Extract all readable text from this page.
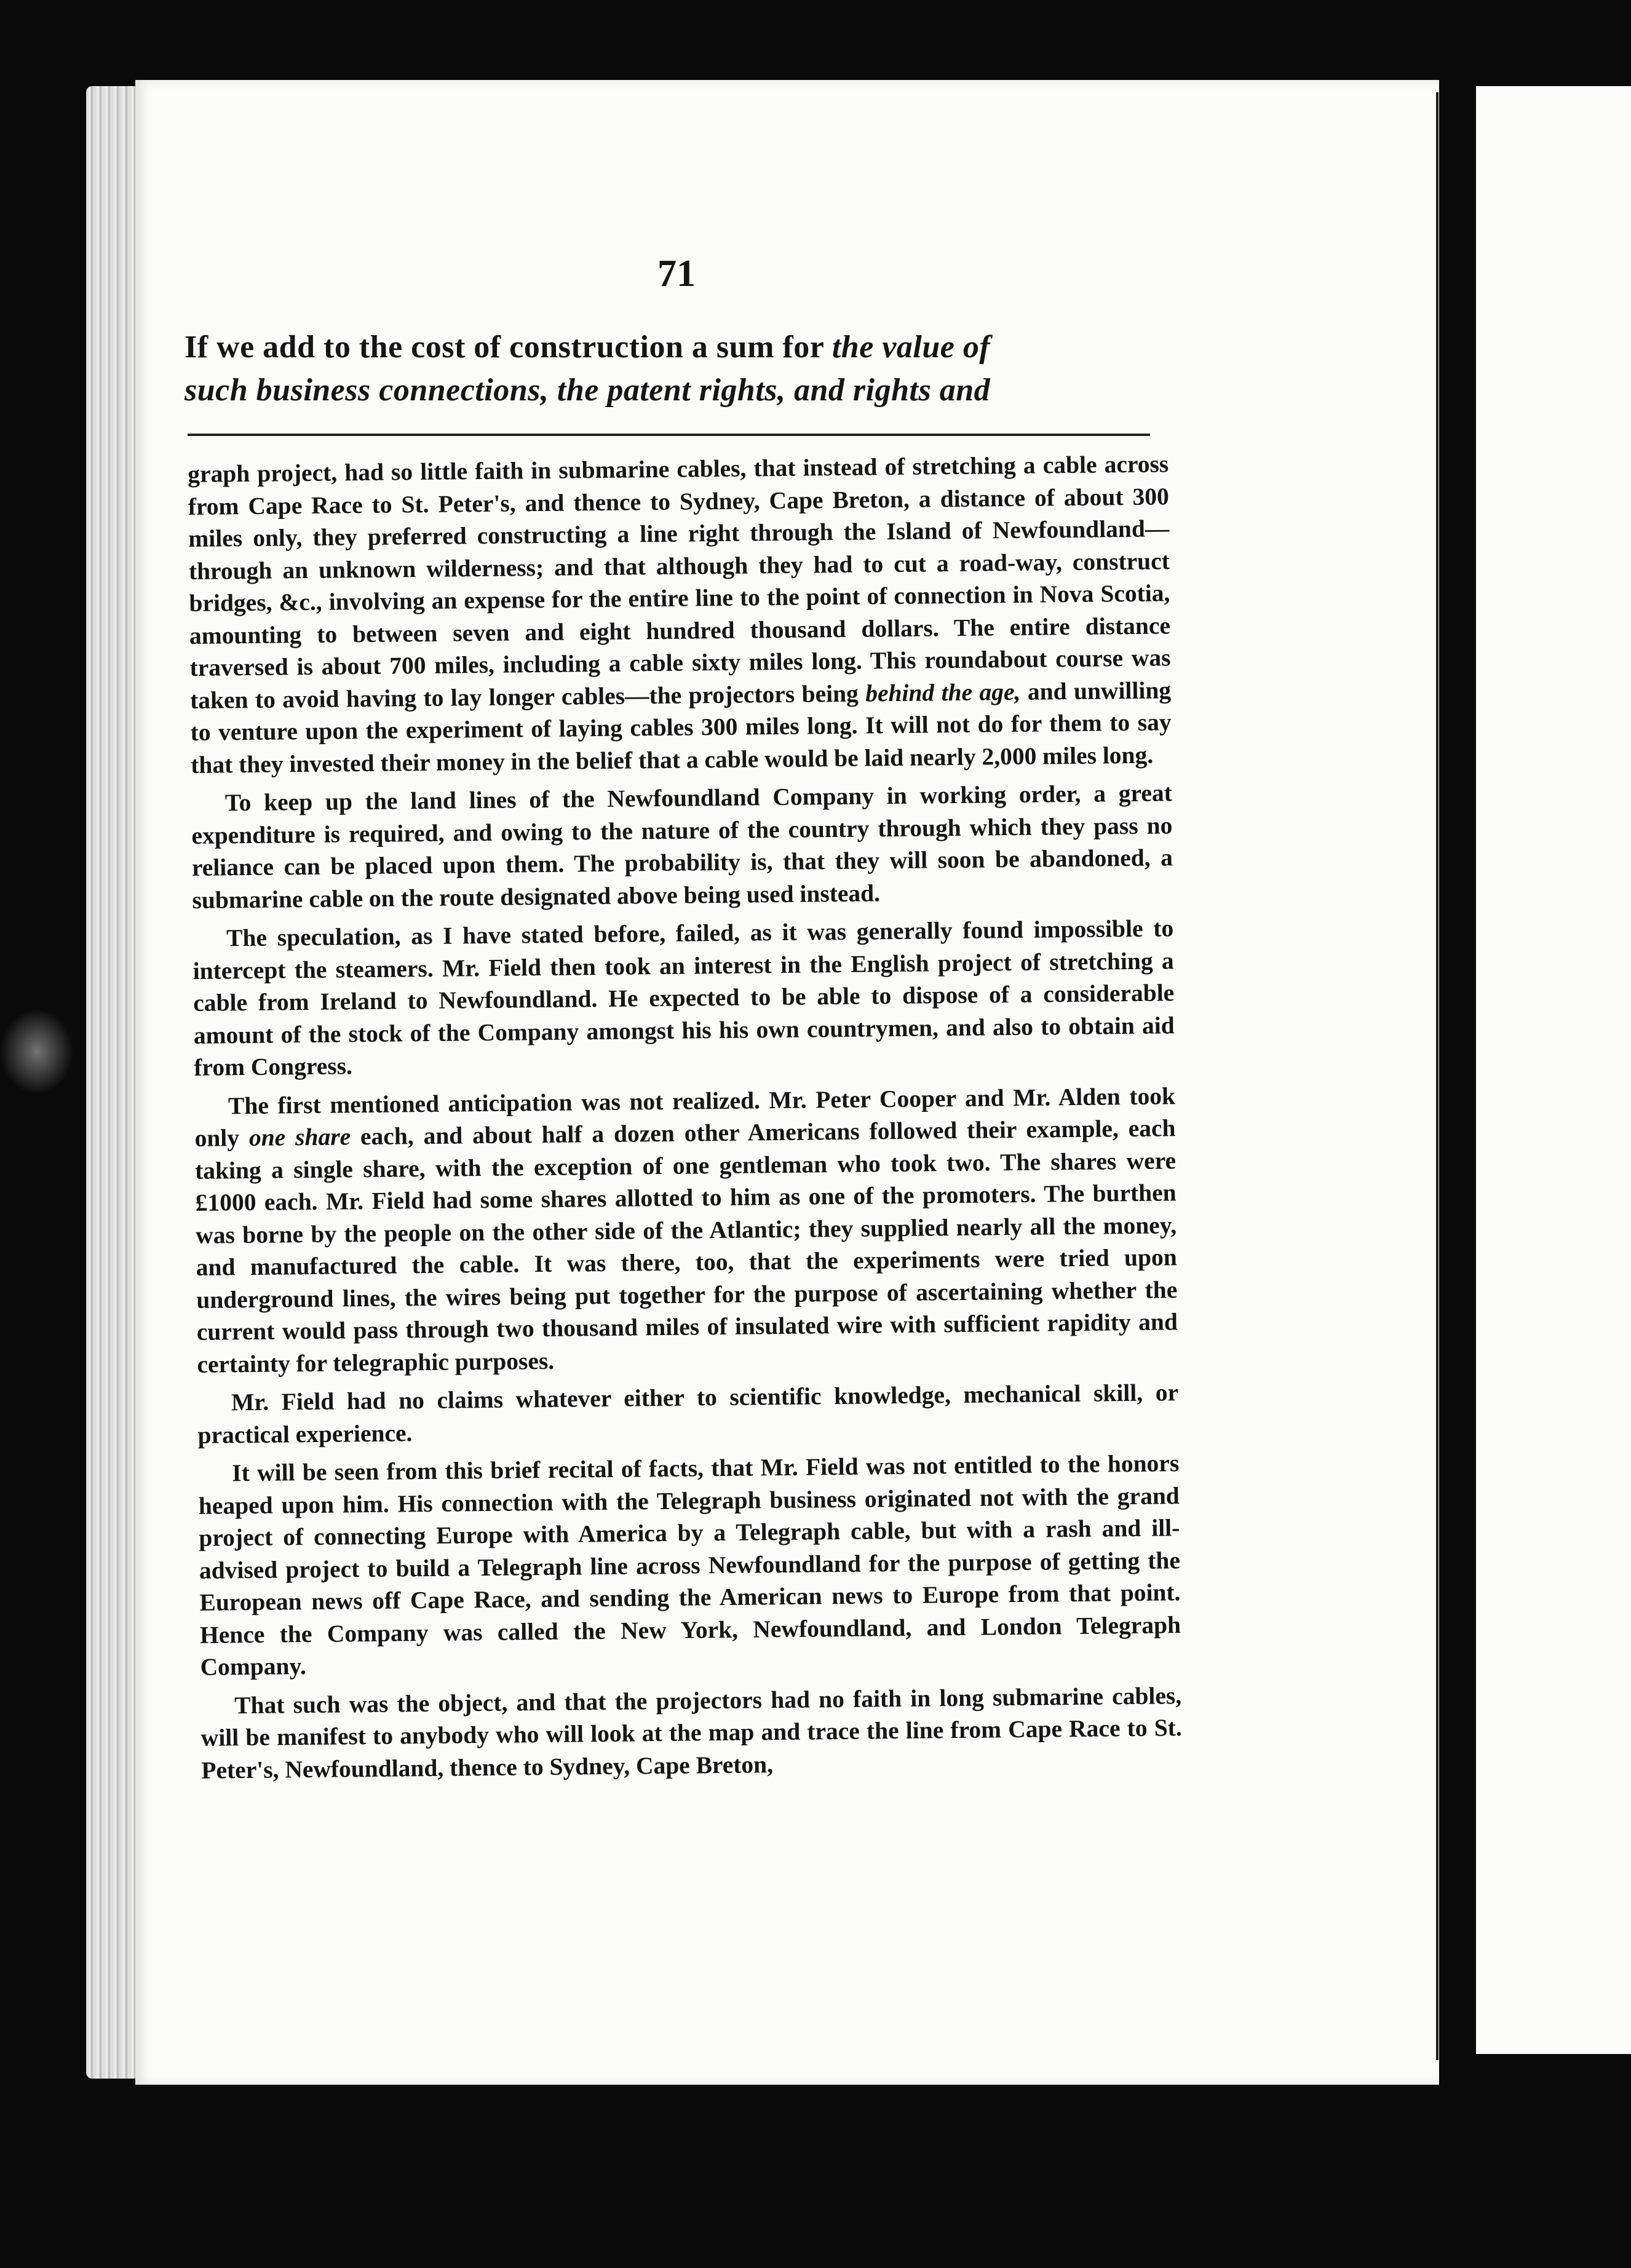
71
If we add to the cost of construction a sum for the value of
such business connections, the patent rights, and rights and

graph project, had so little faith in submarine cables, that instead of stretching a cable across from Cape Race to St. Peter's, and thence to Sydney, Cape Breton, a distance of about 300 miles only, they preferred constructing a line right through the Island of Newfoundland—through an unknown wilderness; and that although they had to cut a road-way, construct bridges, &c., involving an expense for the entire line to the point of connection in Nova Scotia, amounting to between seven and eight hundred thousand dollars. The entire distance traversed is about 700 miles, including a cable sixty miles long. This roundabout course was taken to avoid having to lay longer cables—the projectors being behind the age, and unwilling to venture upon the experiment of laying cables 300 miles long. It will not do for them to say that they invested their money in the belief that a cable would be laid nearly 2,000 miles long.

To keep up the land lines of the Newfoundland Company in working order, a great expenditure is required, and owing to the nature of the country through which they pass no reliance can be placed upon them. The probability is, that they will soon be abandoned, a submarine cable on the route designated above being used instead.

The speculation, as I have stated before, failed, as it was generally found impossible to intercept the steamers. Mr. Field then took an interest in the English project of stretching a cable from Ireland to Newfoundland. He expected to be able to dispose of a considerable amount of the stock of the Company amongst his his own countrymen, and also to obtain aid from Congress.

The first mentioned anticipation was not realized. Mr. Peter Cooper and Mr. Alden took only one share each, and about half a dozen other Americans followed their example, each taking a single share, with the exception of one gentleman who took two. The shares were £1000 each. Mr. Field had some shares allotted to him as one of the promoters. The burthen was borne by the people on the other side of the Atlantic; they supplied nearly all the money, and manufactured the cable. It was there, too, that the experiments were tried upon underground lines, the wires being put together for the purpose of ascertaining whether the current would pass through two thousand miles of insulated wire with sufficient rapidity and certainty for telegraphic purposes.

Mr. Field had no claims whatever either to scientific knowledge, mechanical skill, or practical experience.

It will be seen from this brief recital of facts, that Mr. Field was not entitled to the honors heaped upon him. His connection with the Telegraph business originated not with the grand project of connecting Europe with America by a Telegraph cable, but with a rash and ill-advised project to build a Telegraph line across Newfoundland for the purpose of getting the European news off Cape Race, and sending the American news to Europe from that point. Hence the Company was called the New York, Newfoundland, and London Telegraph Company.

That such was the object, and that the projectors had no faith in long submarine cables, will be manifest to anybody who will look at the map and trace the line from Cape Race to St. Peter's, Newfoundland, thence to Sydney, Cape Breton,
